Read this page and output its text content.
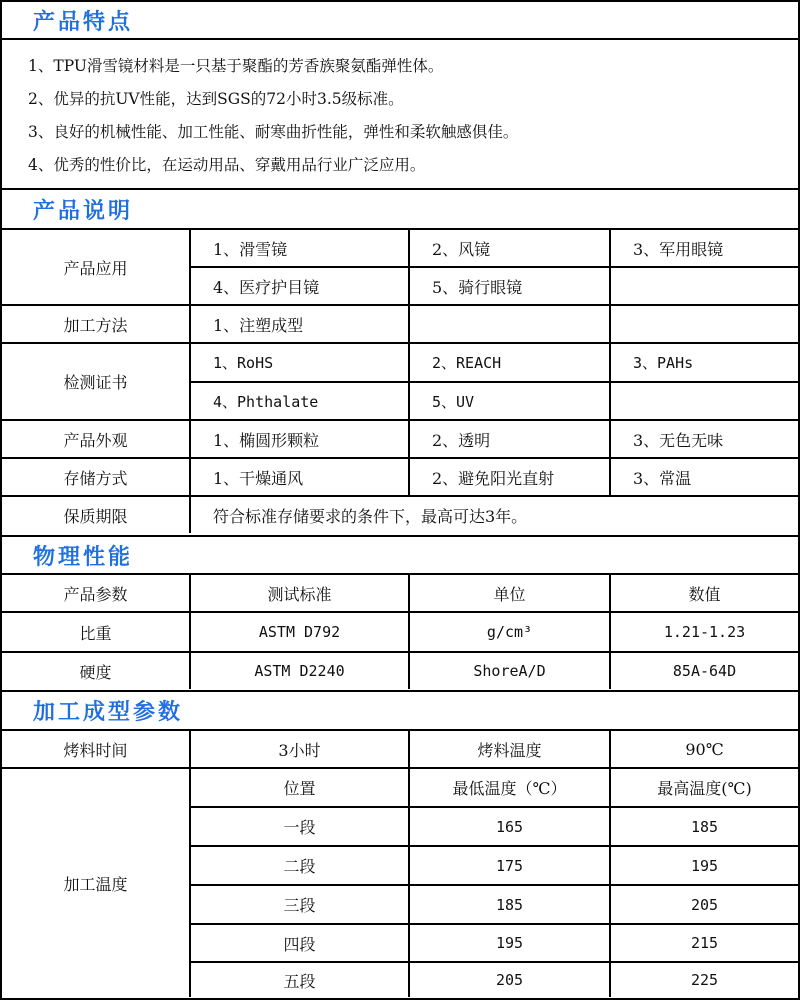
产品特点
1、TPU滑雪镜材料是一只基于聚酯的芳香族聚氨酯弹性体。
2、优异的抗UV性能，达到SGS的72小时3.5级标准。
3、良好的机械性能、加工性能、耐寒曲折性能，弹性和柔软触感俱佳。
4、优秀的性价比，在运动用品、穿戴用品行业广泛应用。
产品说明
产品应用	1、滑雪镜	2、风镜	3、军用眼镜
	4、医疗护目镜	5、骑行眼镜	
加工方法	1、注塑成型		
检测证书	1、RoHS	2、REACH	3、PAHs
	4、Phthalate	5、UV	
产品外观	1、椭圆形颗粒	2、透明	3、无色无味
存储方式	1、干燥通风	2、避免阳光直射	3、常温
保质期限	符合标准存储要求的条件下，最高可达3年。		
物理性能
产品参数	测试标准	单位	数值
比重	ASTM D792	g/cm³	1.21-1.23
硬度	ASTM D2240	ShoreA/D	85A-64D
加工成型参数
烤料时间	3小时	烤料温度	90℃
加工温度	位置	最低温度（℃）	最高温度(℃)
	一段	165	185
	二段	175	195
	三段	185	205
	四段	195	215
	五段	205	225
